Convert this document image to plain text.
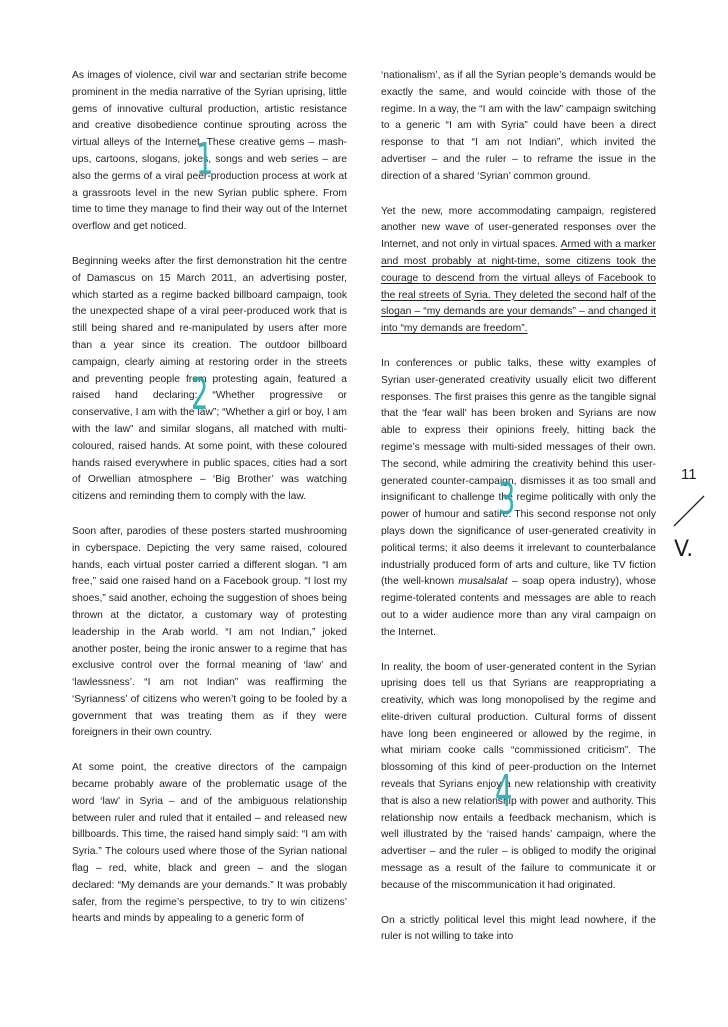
As images of violence, civil war and sectarian strife become prominent in the media narrative of the Syrian uprising, little gems of innovative cultural production, artistic resistance and creative disobedience continue sprouting across the virtual alleys of the Internet. These creative gems – mash-ups, cartoons, slogans, jokes, songs and web series – are also the germs of a viral peer-production process at work at a grassroots level in the new Syrian public sphere. From time to time they manage to find their way out of the Internet overflow and get noticed.

Beginning weeks after the first demonstration hit the centre of Damascus on 15 March 2011, an advertising poster, which started as a regime backed billboard campaign, took the unexpected shape of a viral peer-produced work that is still being shared and re-manipulated by users after more than a year since its creation. The outdoor billboard campaign, clearly aiming at restoring order in the streets and preventing people from protesting again, featured a raised hand declaring: “Whether progressive or conservative, I am with the law”; “Whether a girl or boy, I am with the law” and similar slogans, all matched with multi-coloured, raised hands. At some point, with these coloured hands raised everywhere in public spaces, cities had a sort of Orwellian atmosphere – ‘Big Brother’ was watching citizens and reminding them to comply with the law.

Soon after, parodies of these posters started mushrooming in cyberspace. Depicting the very same raised, coloured hands, each virtual poster carried a different slogan. “I am free,” said one raised hand on a Facebook group. “I lost my shoes,” said another, echoing the suggestion of shoes being thrown at the dictator, a customary way of protesting leadership in the Arab world. “I am not Indian,” joked another poster, being the ironic answer to a regime that has exclusive control over the formal meaning of ‘law’ and ‘lawlessness’. “I am not Indian” was reaffirming the ‘Syrianness’ of citizens who weren’t going to be fooled by a government that was treating them as if they were foreigners in their own country.

At some point, the creative directors of the campaign became probably aware of the problematic usage of the word ‘law’ in Syria – and of the ambiguous relationship between ruler and ruled that it entailed – and released new billboards. This time, the raised hand simply said: “I am with Syria.” The colours used where those of the Syrian national flag – red, white, black and green – and the slogan declared: “My demands are your demands.” It was probably safer, from the regime’s perspective, to try to win citizens’ hearts and minds by appealing to a generic form of

‘nationalism’, as if all the Syrian people’s demands would be exactly the same, and would coincide with those of the regime. In a way, the “I am with the law” campaign switching to a generic “I am with Syria” could have been a direct response to that “I am not Indian”, which invited the advertiser – and the ruler – to reframe the issue in the direction of a shared ‘Syrian’ common ground.

Yet the new, more accommodating campaign, registered another new wave of user-generated responses over the Internet, and not only in virtual spaces. Armed with a marker and most probably at night-time, some citizens took the courage to descend from the virtual alleys of Facebook to the real streets of Syria. They deleted the second half of the slogan – “my demands are your demands” – and changed it into “my demands are freedom”.

In conferences or public talks, these witty examples of Syrian user-generated creativity usually elicit two different responses. The first praises this genre as the tangible signal that the ‘fear wall’ has been broken and Syrians are now able to express their opinions freely, hitting back the regime’s message with multi-sided messages of their own. The second, while admiring the creativity behind this user-generated counter-campaign, dismisses it as too small and insignificant to challenge the regime politically with only the power of humour and satire. This second response not only plays down the significance of user-generated creativity in political terms; it also deems it irrelevant to counterbalance industrially produced form of arts and culture, like TV fiction (the well-known musalsalat – soap opera industry), whose regime-tolerated contents and messages are able to reach out to a wider audience more than any viral campaign on the Internet.

In reality, the boom of user-generated content in the Syrian uprising does tell us that Syrians are reappropriating a creativity, which was long monopolised by the regime and elite-driven cultural production. Cultural forms of dissent have long been engineered or allowed by the regime, in what miriam cooke calls “commissioned criticism”. The blossoming of this kind of peer-production on the Internet reveals that Syrians enjoy a new relationship with creativity that is also a new relationship with power and authority. This relationship now entails a feedback mechanism, which is well illustrated by the ‘raised hands’ campaign, where the advertiser – and the ruler – is obliged to modify the original message as a result of the failure to communicate it or because of the miscommunication it had originated.

On a strictly political level this might lead nowhere, if the ruler is not willing to take into

1
2
3
4
11
V.
